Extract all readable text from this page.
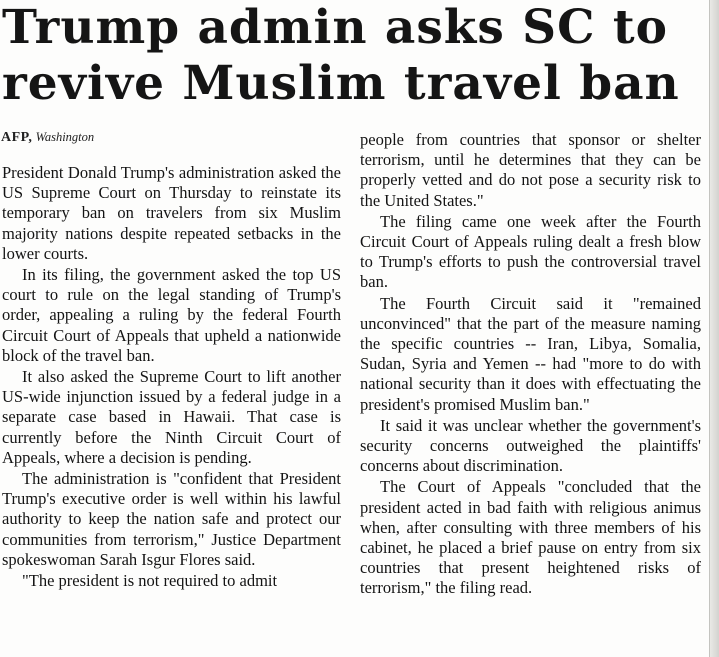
Trump admin asks SC to
revive Muslim travel ban
AFP, Washington

President Donald Trump's administration asked the US Supreme Court on Thursday to reinstate its temporary ban on travelers from six Muslim majority nations despite repeated setbacks in the lower courts.

In its filing, the government asked the top US court to rule on the legal standing of Trump's order, appealing a ruling by the federal Fourth Circuit Court of Appeals that upheld a nationwide block of the travel ban.

It also asked the Supreme Court to lift another US-wide injunction issued by a federal judge in a separate case based in Hawaii. That case is currently before the Ninth Circuit Court of Appeals, where a decision is pending.

The administration is "confident that President Trump's executive order is well within his lawful authority to keep the nation safe and protect our communities from terrorism," Justice Department spokeswoman Sarah Isgur Flores said.

"The president is not required to admit

people from countries that sponsor or shelter terrorism, until he determines that they can be properly vetted and do not pose a security risk to the United States."

The filing came one week after the Fourth Circuit Court of Appeals ruling dealt a fresh blow to Trump's efforts to push the controversial travel ban.

The Fourth Circuit said it "remained unconvinced" that the part of the measure naming the specific countries -- Iran, Libya, Somalia, Sudan, Syria and Yemen -- had "more to do with national security than it does with effectuating the president's promised Muslim ban."

It said it was unclear whether the government's security concerns outweighed the plaintiffs' concerns about discrimination.

The Court of Appeals "concluded that the president acted in bad faith with religious animus when, after consulting with three members of his cabinet, he placed a brief pause on entry from six countries that present heightened risks of terrorism," the filing read.
